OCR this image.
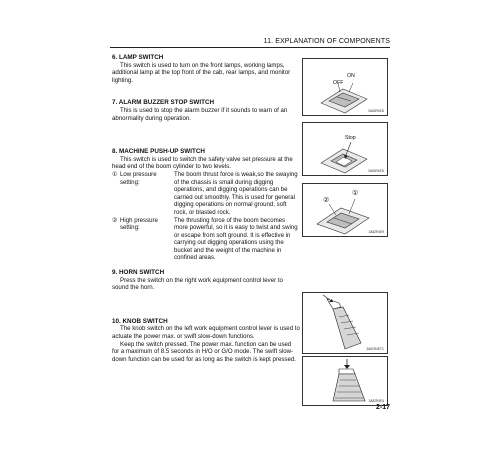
11. EXPLANATION OF COMPONENTS

6. LAMP SWITCH

This switch is used to turn on the front lamps, working lamps, additional lamp at the top front of the cab, rear lamps, and monitor lighting.

7. ALARM BUZZER STOP SWITCH

This is used to stop the alarm buzzer if it sounds to warn of an abnormality during operation.

8. MACHINE PUSH-UP SWITCH

This switch is used to switch the safety valve set pressure at the head end of the boom cylinder to two levels.

① Low pressure setting:
The boom thrust force is weak,so the swaying of the chassis is small during digging operations, and digging operations can be carried out smoothly. This is used for general digging operations on normal ground, soft rock, or blasted rock.
② High pressure setting:
The thrusting force of the boom becomes more powerful, so it is easy to twist and swing or escape from soft ground. It is effective in carrying out digging operations using the bucket and the weight of the machine in confined areas.

9. HORN SWITCH

Press the switch on the right work equipment control lever to sound the horn.

10. KNOB SWITCH

The knob switch on the left work equipment control lever is used to actuate the power max. or swift slow-down functions.

Keep the switch pressed. The power max. function can be used for a maximum of 8.5 seconds in H/O or G/O mode. The swift slow-down function can be used for as long as the switch is kept pressed.

ON
OFF
3A82R4ED
Stop
3A82R4ED
②
①
3A82R4E9
3A82R4E7C
3A82R4E4
2-17
